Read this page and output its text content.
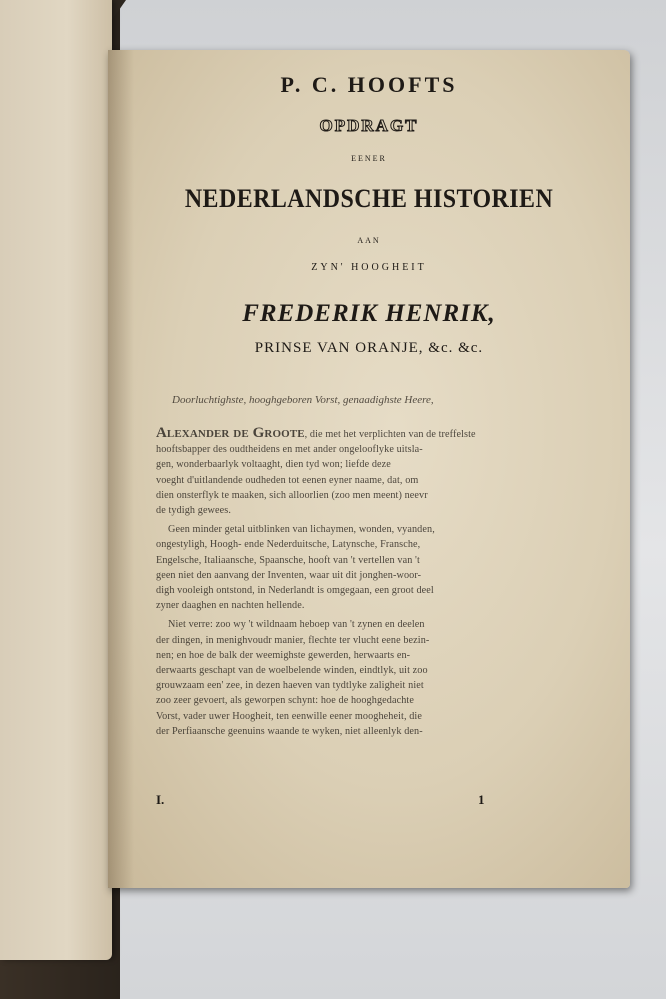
P. C. HOOFTS
OPDRAGT
EENER
NEDERLANDSCHE HISTORIEN
AAN
ZYN' HOOGHEIT
FREDERIK HENRIK,
PRINSE VAN ORANJE, &c. &c.
Doorluchtighste, hooghgeboren Vorst, genaadighste Heere,
Alexander de Groote, die met het verplichten van de treffelste
hooftsbapper des oudtheidens en met ander ongelooflyke uitsla-
gen, wonderbaarlyk voltaaght, dien tyd won; liefde deze
voeght d'uitlandende oudheden tot eenen eyner naame, dat, om
dien onsterflyk te maaken, sich alloorlien (zoo men meent) neevr
de tydigh gewees.
Geen minder getal uitblinken van lichaymen, wonden, vyanden,
ongestyligh, Hoogh- ende Nederduitsche, Latynsche, Fransche,
Engelsche, Italiaansche, Spaansche, hooft van 't vertellen van 't
geen niet den aanvang der Inventen, waar uit dit jonghen-woor-
digh vooleigh ontstond, in Nederlandt is omgegaan, een groot deel
zyner daaghen en nachten hellende.
Niet verre: zoo wy 't wildnaam heboep van 't zynen en deelen
der dingen, in menighvoudr manier, flechte ter vlucht eene bezin-
nen; en hoe de balk der weemighste gewerden, herwaarts en-
derwaarts geschapt van de woelbelende winden, eindtlyk, uit zoo
grouwzaam een' zee, in dezen haeven van tydtlyke zaligheit niet
zoo zeer gevoert, als geworpen schynt: hoe de hooghgedachte
Vorst, vader uwer Hoogheit, ten eenwille eener moogheheit, die
der Perfiaansche geenuins waande te wyken, niet alleenlyk den-
I.	1
